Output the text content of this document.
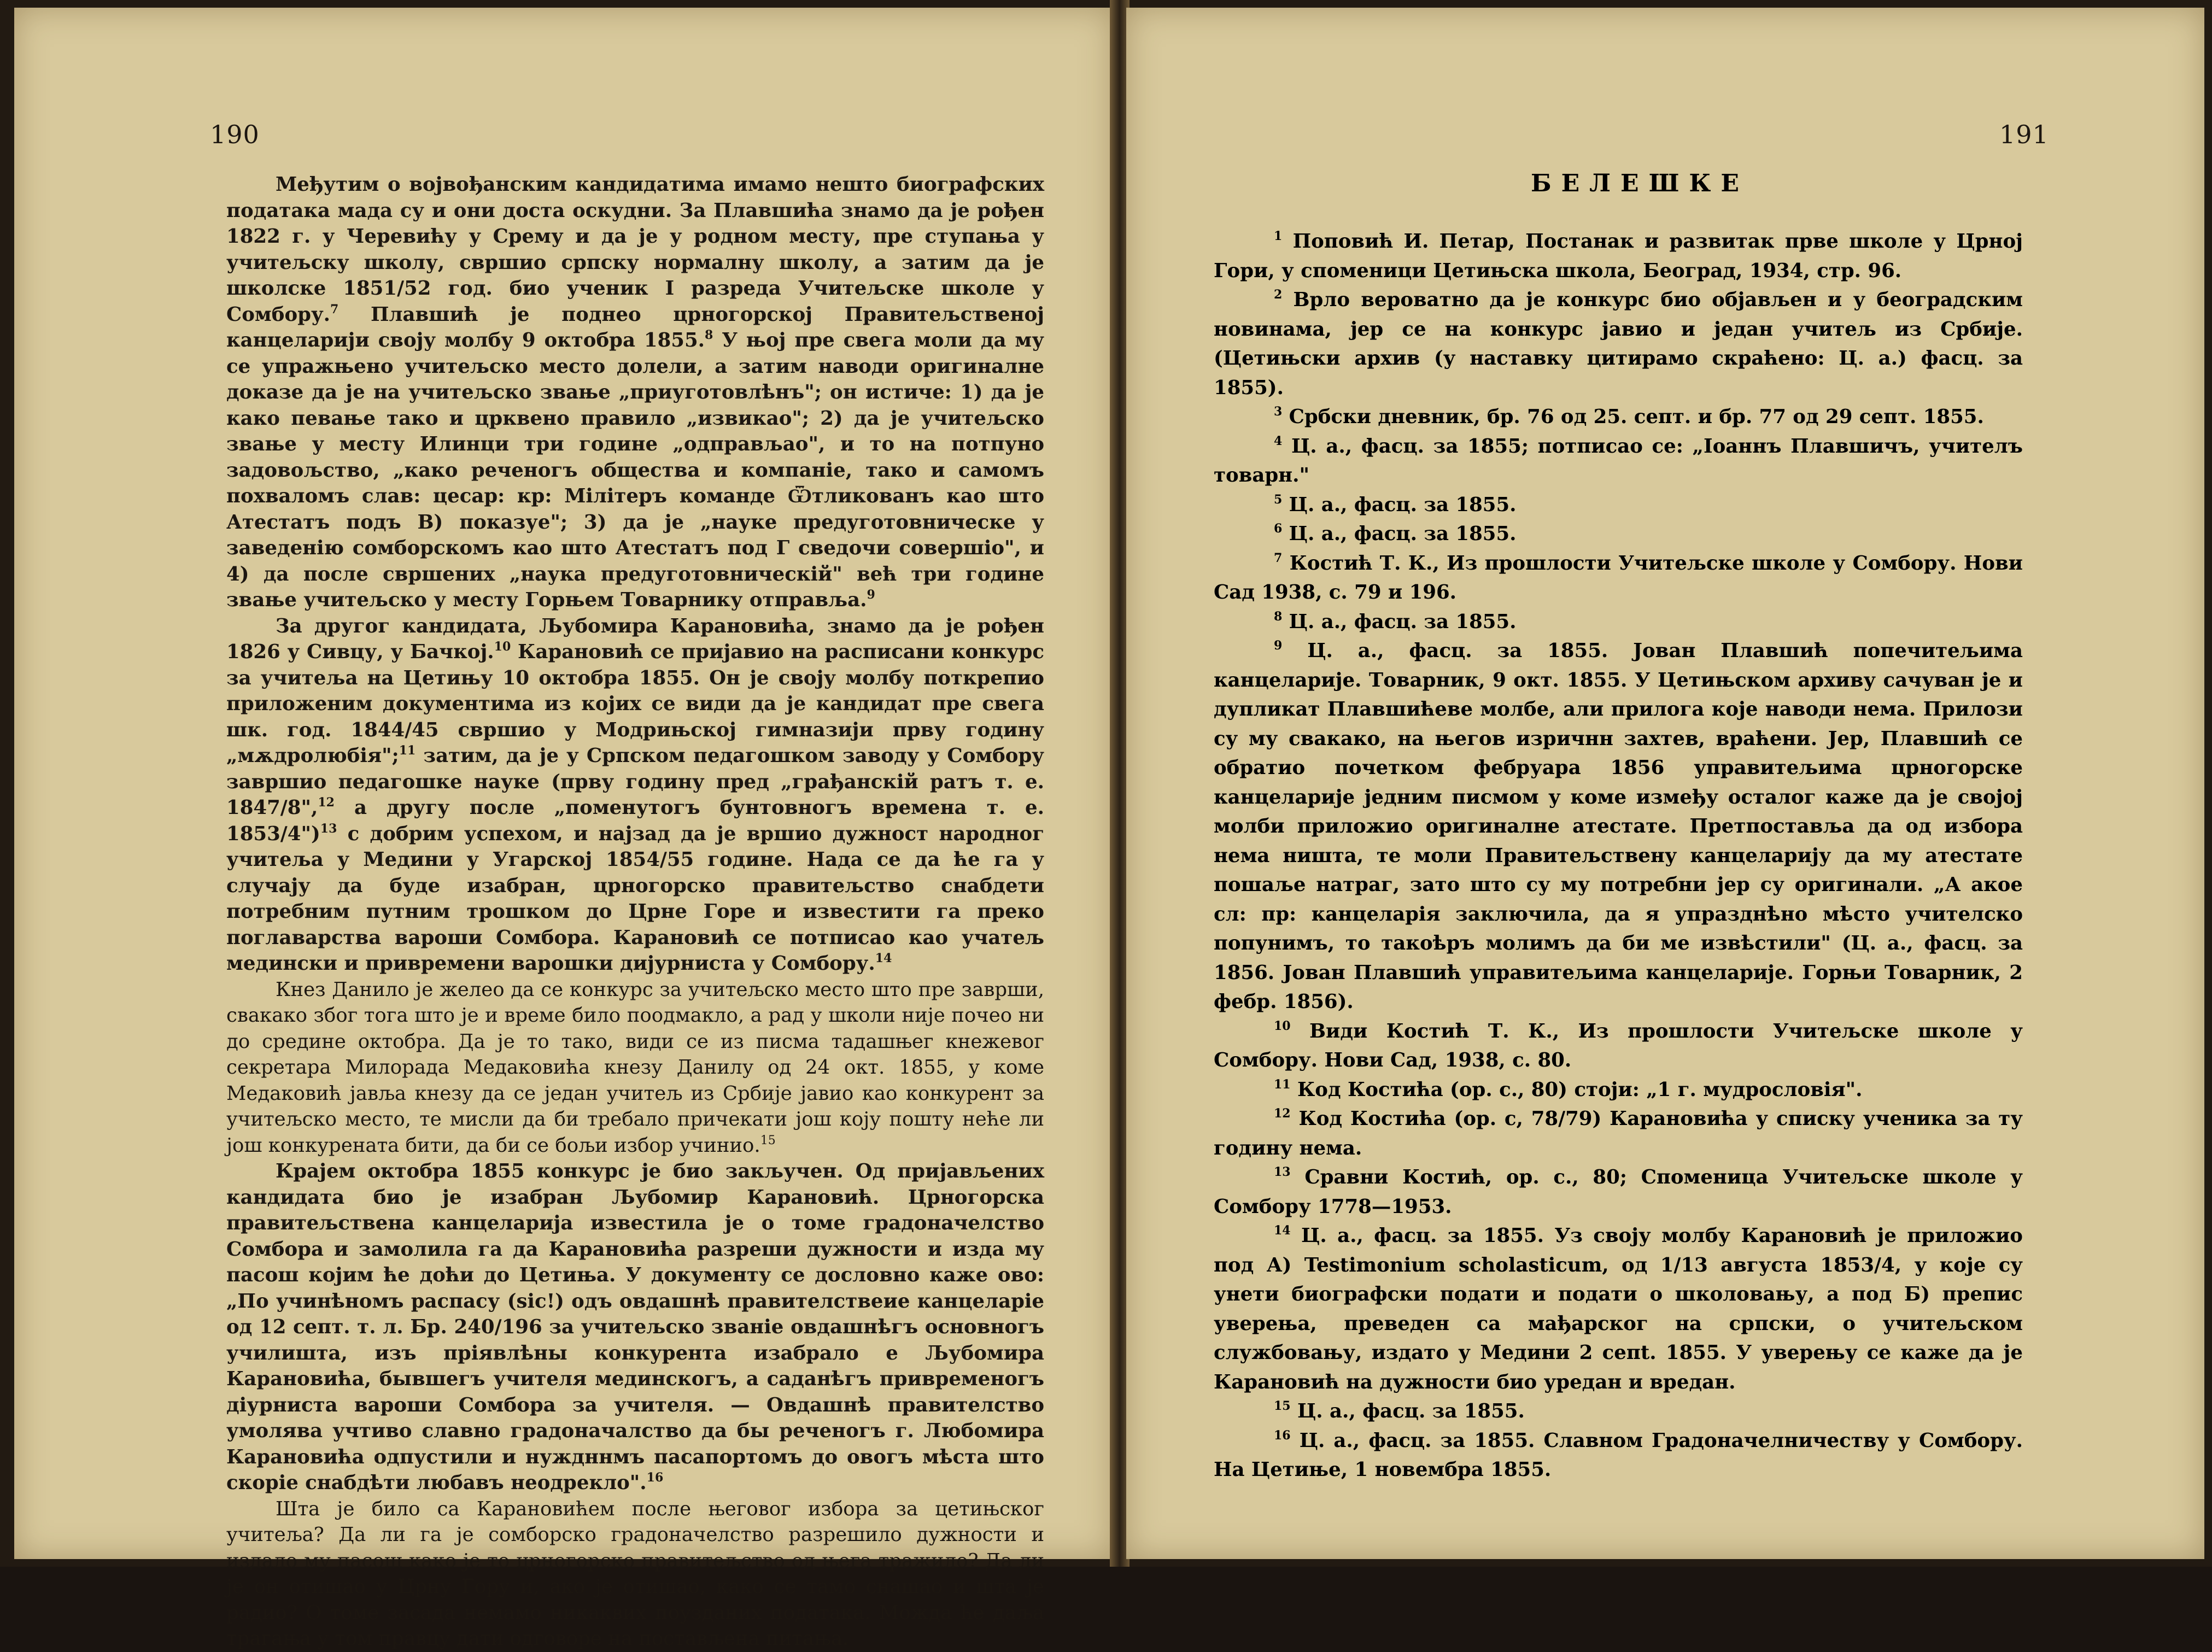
190

Међутим о војвођанским кандидатима имамо нешто биографских података мада су и они доста оскудни. За Плавшића знамо да је рођен 1822 г. у Черевићу у Срему и да је у родном месту, пре ступања у учитељску школу, свршио српску нормалну школу, а затим да је школске 1851/52 год. био ученик I разреда Учитељске школе у Сомбору.$^7$ Плавшић је поднео црногорској Правитељственој канцеларији своју молбу 9 октобра 1855.$^8$ У њој пре свега моли да му се упражњено учитељско место долели, а затим наводи оригиналне доказе да је на учитељско звање „приуготовлѣнъ"; он истиче: 1) да је како певање тако и црквено правило „извикао"; 2) да је учитељско звање у месту Илинци три године „одправљао", и то на потпуно задовољство, „како реченогъ общества и компаніе, тако и самомъ похваломъ слав: цесар: кр: Мілітеръ команде Ѿтликованъ као што Атестатъ подъ В) показуе"; 3) да је „науке предуготовническе у заведенію сомборскомъ као што Атестатъ под Г сведочи совершіо", и 4) да после свршених „наука предуготовническій" већ три године звање учитељско у месту Горњем Товарнику отправља.$^9$

За другог кандидата, Љубомира Карановића, знамо да је рођен 1826 у Сивцу, у Бачкој.$^{10}$ Карановић се пријавио на расписани конкурс за учитеља на Цетињу 10 октобра 1855. Он је своју молбу поткрепио приложеним документима из којих се види да је кандидат пре свега шк. год. 1844/45 свршио у Модрињској гимназији прву годину „мѫдролюбія";$^{11}$ затим, да је у Српском педагошком заводу у Сомбору завршио педагошке науке (прву годину пред „грађанскій ратъ т. е. 1847/8",$^{12}$ а другу после „поменутогъ бунтовногъ времена т. е. 1853/4")$^{13}$ с добрим успехом, и најзад да је вршио дужност народног учитеља у Медини у Угарској 1854/55 године. Нада се да ће га у случају да буде изабран, црногорско правитељство снабдети потребним путним трошком до Црне Горе и известити га преко поглаварства вароши Сомбора. Карановић се потписао као учатељ медински и привремени варошки дијурниста у Сомбору.$^{14}$

Кнез Данило је желео да се конкурс за учитељско место што пре заврши, свакако због тога што је и време било поодмакло, а рад у школи није почео ни до средине октобра. Да је то тако, види се из писма тадашњег кнежевог секретара Милорада Медаковића кнезу Данилу од 24 окт. 1855, у коме Медаковић јавља кнезу да се један учитељ из Србије јавио као конкурент за учитељско место, те мисли да би требало причекати још коју пошту неће ли још конкурената бити, да би се бољи избор учинио.$^{15}$

Крајем октобра 1855 конкурс је био закључен. Од пријављених кандидата био је изабран Љубомир Карановић. Црногорска правитељствена канцеларија известила је о томе градоначелство Сомбора и замолила га да Карановића разреши дужности и изда му пасош којим ће доћи до Цетиња. У документу се дословно каже ово: „По учинѣномъ распасу (sic!) одъ овдашнѣ правителствеие канцеларіе од 12 септ. т. л. Бр. 240/196 за учитељско званіе овдашнѣгъ основногъ училишта, изъ прiявлѣны конкурента изабрало е Љубомира Карановића, бывшегъ учителя мединскогъ, а саданѣгъ привременогъ діурниста вароши Сомбора за учителя. — Овдашнѣ правителство умолява учтиво славно градоначалство да бы реченогъ г. Любомира Карановића одпустили и нуждннмъ пасапортомъ до овогъ мѣста што скоріе снабдѣти любавъ неодрекло".$^{16}$

Шта је било са Карановићем после његовог избора за цетињског учитеља? Да ли га је сомборско градоначелство разрешило дужности и издало му пасош како је то црногорско правитељство од њега тражило? Да ли је он отишао у Црну Гору и, ако је отишао, како се тамо снашао и шта је радио? О томе засада немамо никаквих поузданих података. Можда ће даља трагања у том правцу дати одговоре на постављена питања.

191
БЕЛЕШКЕ

$^1$ Поповић И. Петар, Постанак и развитак прве школе у Црној Гори, у споменици Цетињска школа, Београд, 1934, стр. 96.

$^2$ Врло вероватно да је конкурс био објављен и у београдским новинама, јер се на конкурс јавио и један учитељ из Србије. (Цетињски архив (у наставку цитирамо скраћено: Ц. а.) фасц. за 1855).

$^3$ Србски дневник, бр. 76 од 25. септ. и бр. 77 од 29 септ. 1855.

$^4$ Ц. а., фасц. за 1855; потписао се: „Іоаннъ Плавшичъ, учителъ товарн."

$^5$ Ц. а., фасц. за 1855.

$^6$ Ц. а., фасц. за 1855.

$^7$ Костић Т. К., Из прошлости Учитељске школе у Сомбору. Нови Сад 1938, с. 79 и 196.

$^8$ Ц. а., фасц. за 1855.

$^9$ Ц. а., фасц. за 1855. Јован Плавшић попечитељима канцеларије. Товарник, 9 окт. 1855. У Цетињском архиву сачуван је и дупликат Плавшићеве молбе, али прилога које наводи нема. Прилози су му свакако, на његов изричнн захтев, враћени. Јер, Плавшић се обратио почетком фебруара 1856 управитељима црногорске канцеларије једним писмом у коме између осталог каже да је својој молби приложио оригиналне атестате. Претпоставља да од избора нема ништа, те моли Правитељствену канцеларију да му атестате пошаље натраг, зато што су му потребни јер су оригинали. „А акое сл: пр: канцеларія заключила, да я упразднѣно мѣсто учителско попунимъ, то такоѣръ молимъ да би ме извѣстили" (Ц. а., фасц. за 1856. Јован Плавшић управитељима канцеларије. Горњи Товарник, 2 фебр. 1856).

$^{10}$ Види Костић Т. К., Из прошлости Учитељске школе у Сомбору. Нови Сад, 1938, с. 80.

$^{11}$ Код Костића (ор. с., 80) стоји: „1 г. мудрословія".

$^{12}$ Код Костића (ор. с, 78/79) Карановића у списку ученика за ту годину нема.

$^{13}$ Сравни Костић, ор. с., 80; Споменица Учитељске школе у Сомбору 1778—1953.

$^{14}$ Ц. а., фасц. за 1855. Уз своју молбу Карановић је приложио под А) Testimonium scholasticum, од 1/13 августа 1853/4, у које су унети биографски подати и подати о школовању, а под Б) препис уверења, преведен са мађарског на српски, о учитељском службовању, издато у Медини 2 сепt. 1855. У уверењу се каже да је Карановић на дужности био уредан и вредан.

$^{15}$ Ц. а., фасц. за 1855.

$^{16}$ Ц. а., фасц. за 1855. Славном Градоначелничеству у Сомбору. На Цетиње, 1 новембра 1855.
